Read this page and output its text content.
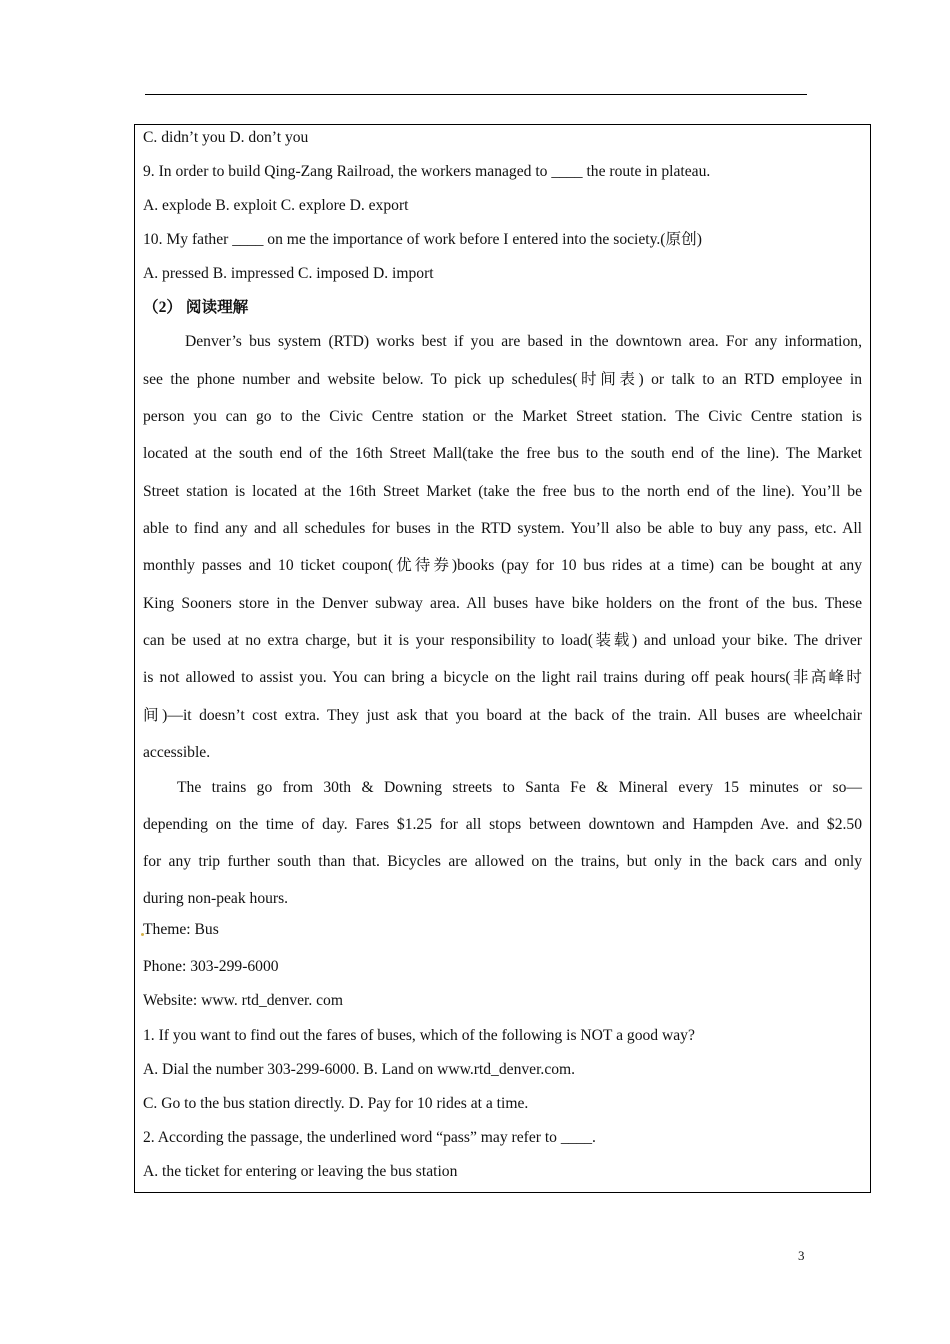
C. didn’t you D. don’t you
9. In order to build Qing-Zang Railroad, the workers managed to ____ the route in plateau.
A. explode B. exploit C. explore D. export
10. My father ____ on me the importance of work before I entered into the society.(原创)
A. pressed B. impressed C. imposed D. import
（2） 阅读理解
Denver’s bus system (RTD) works best if you are based in the downtown area. For any information,
see the phone number and website below. To pick up schedules(时间表) or talk to an RTD employee in
person you can go to the Civic Centre station or the Market Street station. The Civic Centre station is
located at the south end of the 16th Street Mall(take the free bus to the south end of the line). The Market
Street station is located at the 16th Street Market (take the free bus to the north end of the line). You’ll be
able to find any and all schedules for buses in the RTD system. You’ll also be able to buy any pass, etc. All
monthly passes and 10 ticket coupon(优待券)books (pay for 10 bus rides at a time) can be bought at any
King Sooners store in the Denver subway area. All buses have bike holders on the front of the bus. These
can be used at no extra charge, but it is your responsibility to load(装载) and unload your bike. The driver
is not allowed to assist you. You can bring a bicycle on the light rail trains during off peak hours(非高峰时
间)—it doesn’t cost extra. They just ask that you board at the back of the train. All buses are wheelchair
accessible.
The trains go from 30th & Downing streets to Santa Fe & Mineral every 15 minutes or so—
depending on the time of day. Fares $1.25 for all stops between downtown and Hampden Ave. and $2.50
for any trip further south than that. Bicycles are allowed on the trains, but only in the back cars and only
during non-peak hours.
Theme: Bus
Phone: 303-299-6000
Website: www. rtd_denver. com
1. If you want to find out the fares of buses, which of the following is NOT a good way?
A. Dial the number 303-299-6000. B. Land on www.rtd_denver.com.
C. Go to the bus station directly. D. Pay for 10 rides at a time.
2. According the passage, the underlined word “pass” may refer to ____.
A. the ticket for entering or leaving the bus station
3
